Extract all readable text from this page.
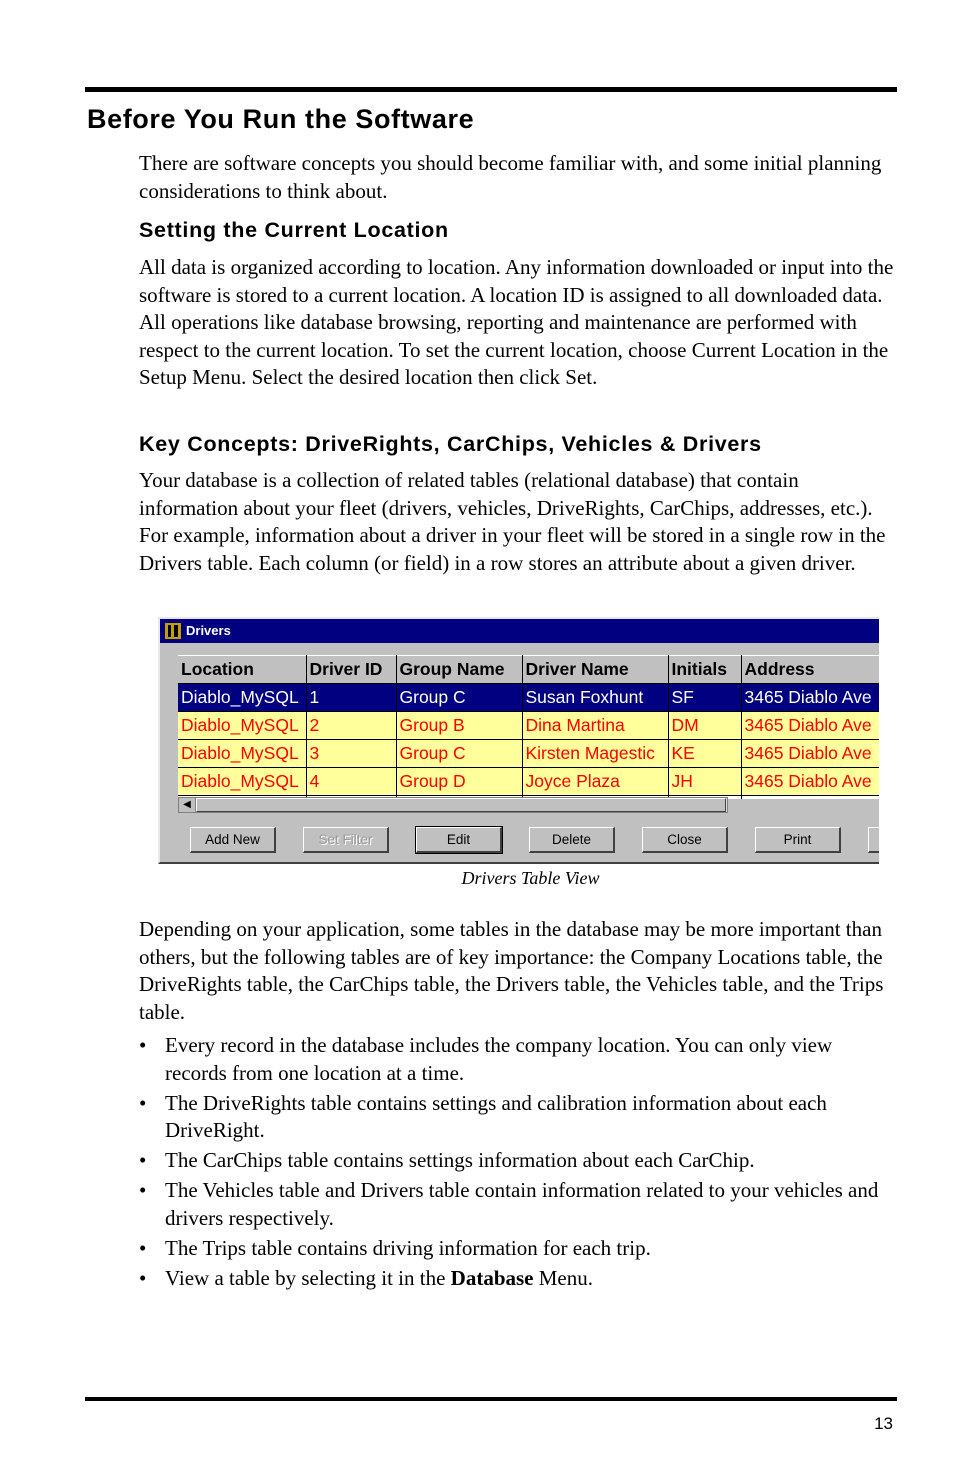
Before You Run the Software

There are software concepts you should become familiar with, and some initial planning considerations to think about.

Setting the Current Location

All data is organized according to location. Any information downloaded or input into the software is stored to a current location. A location ID is assigned to all downloaded data. All operations like database browsing, reporting and maintenance are performed with respect to the current location. To set the current location, choose Current Location in the Setup Menu. Select the desired location then click Set.

Key Concepts: DriveRights, CarChips, Vehicles & Drivers

Your database is a collection of related tables (relational database) that contain information about your fleet (drivers, vehicles, DriveRights, CarChips, addresses, etc.). For example, information about a driver in your fleet will be stored in a single row in the Drivers table. Each column (or field) in a row stores an attribute about a given driver.

Drivers
Location	Driver ID	Group Name	Driver Name	Initials	Address
Diablo_MySQL	1	Group C	Susan Foxhunt	SF	3465 Diablo Ave
Diablo_MySQL	2	Group B	Dina Martina	DM	3465 Diablo Ave
Diablo_MySQL	3	Group C	Kirsten Magestic	KE	3465 Diablo Ave
Diablo_MySQL	4	Group D	Joyce Plaza	JH	3465 Diablo Ave

◀
Add New	Set Filter	Edit	Delete	Close	Print
Drivers Table View

Depending on your application, some tables in the database may be more important than others, but the following tables are of key importance: the Company Locations table, the DriveRights table, the CarChips table, the Drivers table, the Vehicles table, and the Trips table.

• Every record in the database includes the company location. You can only view records from one location at a time.
• The DriveRights table contains settings and calibration information about each DriveRight.
• The CarChips table contains settings information about each CarChip.
• The Vehicles table and Drivers table contain information related to your vehicles and drivers respectively.
• The Trips table contains driving information for each trip.
• View a table by selecting it in the Database Menu.
13
